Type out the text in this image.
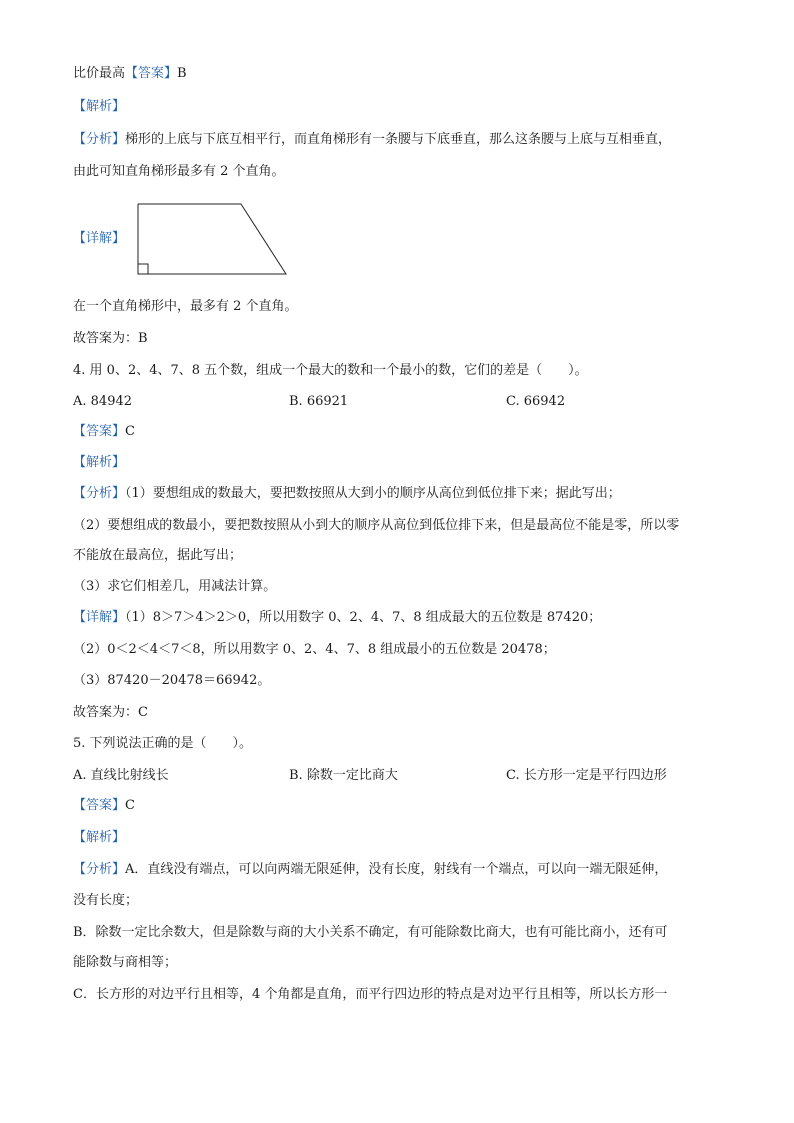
比价最高【答案】B
【解析】
【分析】梯形的上底与下底互相平行，而直角梯形有一条腰与下底垂直，那么这条腰与上底与互相垂直，
由此可知直角梯形最多有 2 个直角。
【详解】
在一个直角梯形中，最多有 2 个直角。
故答案为：B
4. 用 0、2、4、7、8 五个数，组成一个最大的数和一个最小的数，它们的差是（　　）。
A. 84942	B. 66921	C. 66942
【答案】C
【解析】
【分析】（1）要想组成的数最大，要把数按照从大到小的顺序从高位到低位排下来；据此写出；
（2）要想组成的数最小，要把数按照从小到大的顺序从高位到低位排下来，但是最高位不能是零，所以零
不能放在最高位，据此写出；
（3）求它们相差几，用减法计算。
【详解】（1）8＞7＞4＞2＞0，所以用数字 0、2、4、7、8 组成最大的五位数是 87420；
（2）0＜2＜4＜7＜8，所以用数字 0、2、4、7、8 组成最小的五位数是 20478；
（3）87420－20478＝66942。
故答案为：C
5. 下列说法正确的是（　　）。
A. 直线比射线长	B. 除数一定比商大	C. 长方形一定是平行四边形
【答案】C
【解析】
【分析】A．直线没有端点，可以向两端无限延伸，没有长度，射线有一个端点，可以向一端无限延伸，
没有长度；
B．除数一定比余数大，但是除数与商的大小关系不确定，有可能除数比商大，也有可能比商小，还有可
能除数与商相等；
C．长方形的对边平行且相等，4 个角都是直角，而平行四边形的特点是对边平行且相等，所以长方形一
